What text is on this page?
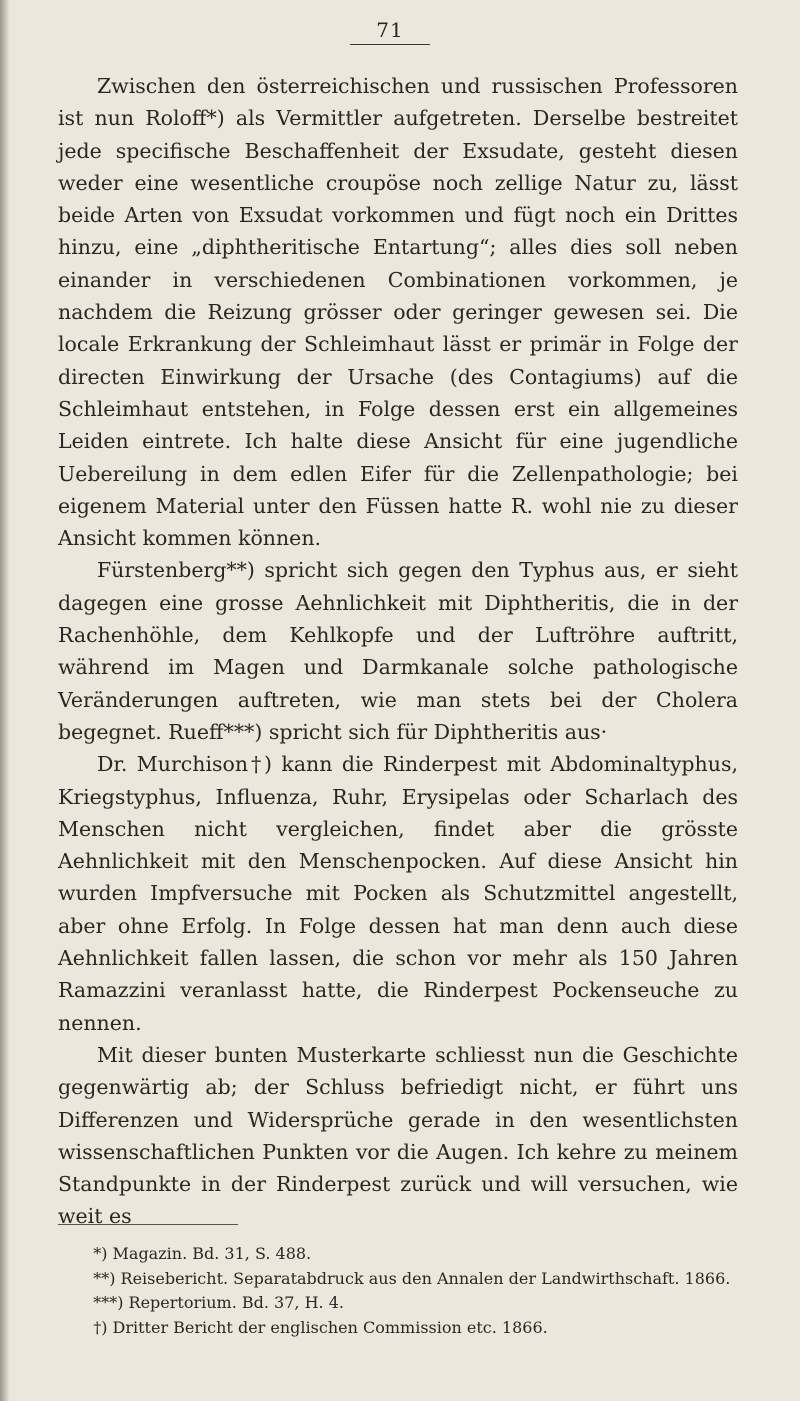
71

Zwischen den österreichischen und russischen Professoren ist nun Roloff*) als Vermittler aufgetreten. Derselbe bestreitet jede specifische Beschaffenheit der Exsudate, gesteht diesen weder eine wesentliche croupöse noch zellige Natur zu, lässt beide Arten von Exsudat vorkommen und fügt noch ein Drittes hinzu, eine „diphtheritische Entartung“; alles dies soll neben einander in verschiedenen Combinationen vorkommen, je nachdem die Reizung grösser oder geringer gewesen sei. Die locale Erkrankung der Schleimhaut lässt er primär in Folge der directen Einwirkung der Ursache (des Contagiums) auf die Schleimhaut entstehen, in Folge dessen erst ein allgemeines Leiden eintrete. Ich halte diese Ansicht für eine jugendliche Uebereilung in dem edlen Eifer für die Zellenpathologie; bei eigenem Material unter den Füssen hatte R. wohl nie zu dieser Ansicht kommen können.

Fürstenberg**) spricht sich gegen den Typhus aus, er sieht dagegen eine grosse Aehnlichkeit mit Diphtheritis, die in der Rachenhöhle, dem Kehlkopfe und der Luftröhre auftritt, während im Magen und Darmkanale solche pathologische Veränderungen auftreten, wie man stets bei der Cholera begegnet. Rueff***) spricht sich für Diphtheritis aus·

Dr. Murchison†) kann die Rinderpest mit Abdominaltyphus, Kriegstyphus, Influenza, Ruhr, Erysipelas oder Scharlach des Menschen nicht vergleichen, findet aber die grösste Aehnlichkeit mit den Menschenpocken. Auf diese Ansicht hin wurden Impfversuche mit Pocken als Schutzmittel angestellt, aber ohne Erfolg. In Folge dessen hat man denn auch diese Aehnlichkeit fallen lassen, die schon vor mehr als 150 Jahren Ramazzini veranlasst hatte, die Rinderpest Pockenseuche zu nennen.

Mit dieser bunten Musterkarte schliesst nun die Geschichte gegenwärtig ab; der Schluss befriedigt nicht, er führt uns Differenzen und Widersprüche gerade in den wesentlichsten wissenschaftlichen Punkten vor die Augen. Ich kehre zu meinem Standpunkte in der Rinderpest zurück und will versuchen, wie weit es

*) Magazin. Bd. 31, S. 488.

**) Reisebericht. Separatabdruck aus den Annalen der Landwirthschaft. 1866.

***) Repertorium. Bd. 37, H. 4.

†) Dritter Bericht der englischen Commission etc. 1866.
